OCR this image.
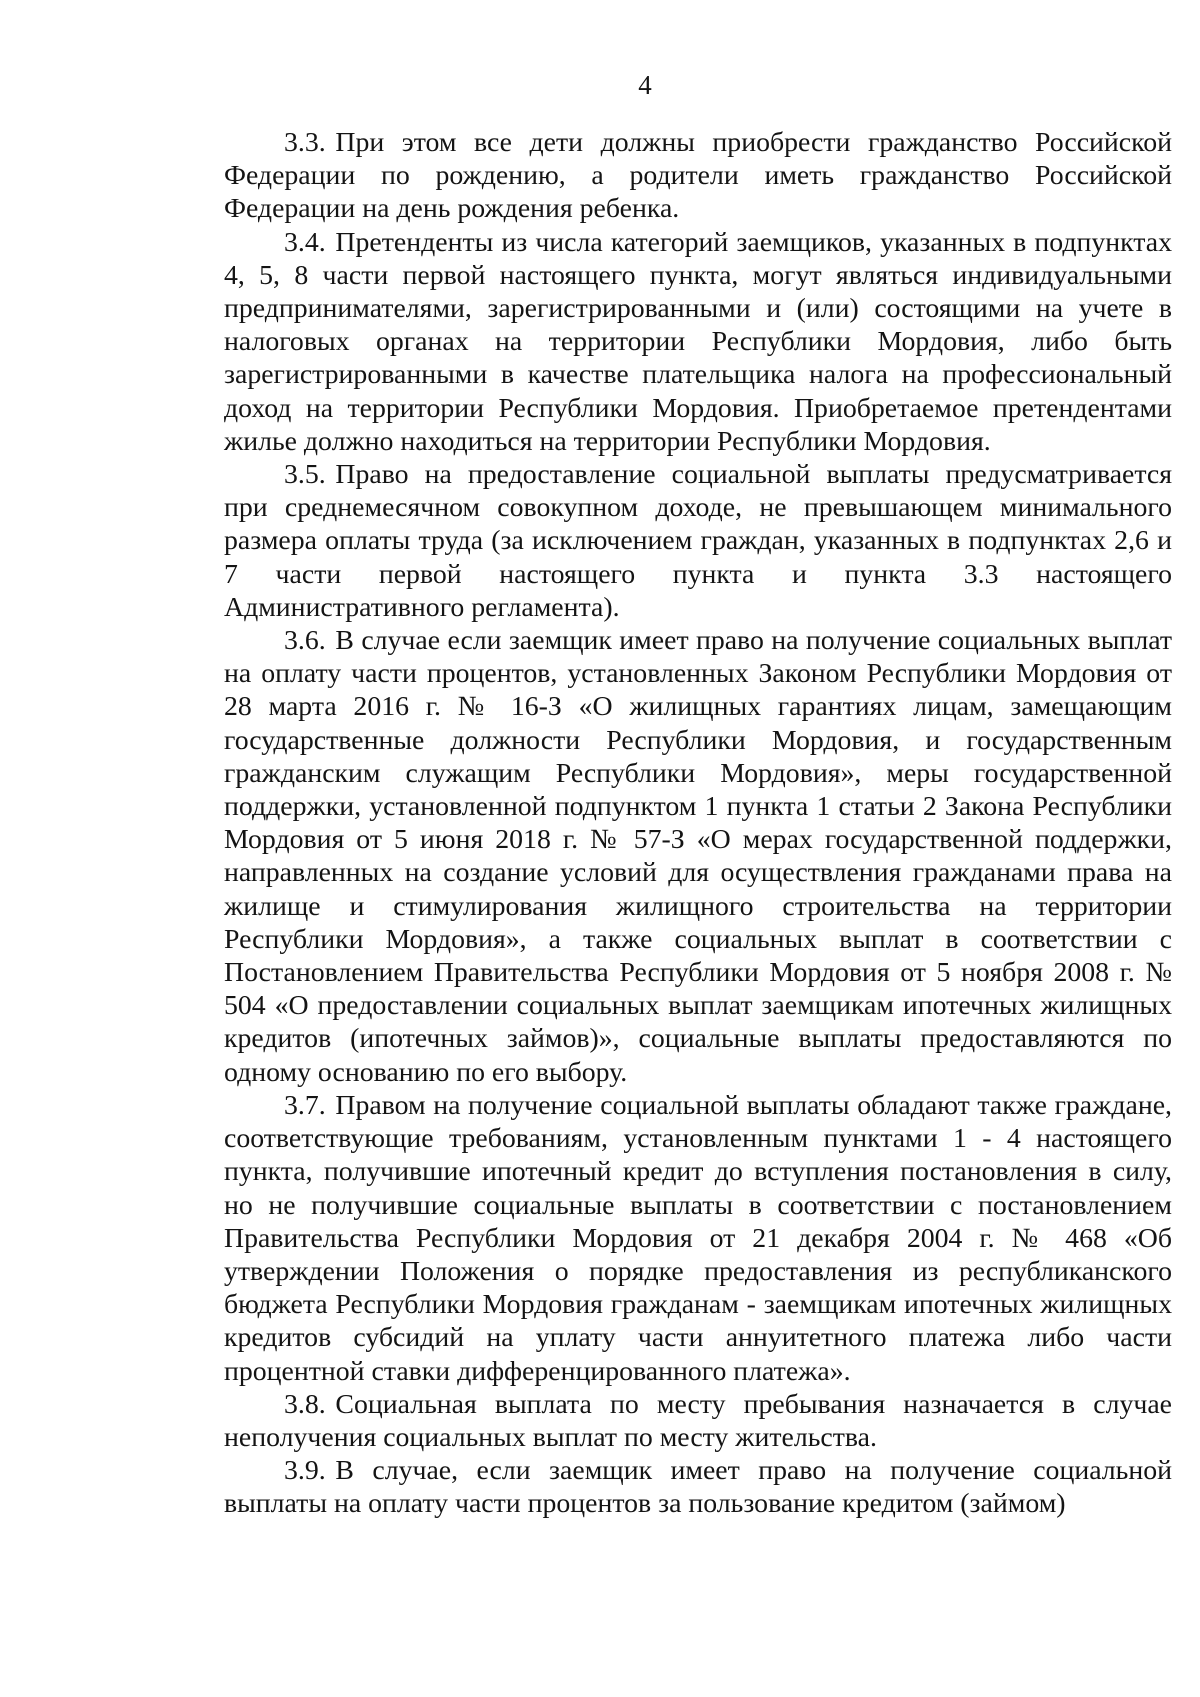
4

3.3. При этом все дети должны приобрести гражданство Российской Федерации по рождению, а родители иметь гражданство Российской Федерации на день рождения ребенка.

3.4. Претенденты из числа категорий заемщиков, указанных в подпунктах 4, 5, 8 части первой настоящего пункта, могут являться индивидуальными предпринимателями, зарегистрированными и (или) состоящими на учете в налоговых органах на территории Республики Мордовия, либо быть зарегистрированными в качестве плательщика налога на профессиональный доход на территории Республики Мордовия. Приобретаемое претендентами жилье должно находиться на территории Республики Мордовия.

3.5. Право на предоставление социальной выплаты предусматривается при среднемесячном совокупном доходе, не превышающем минимального размера оплаты труда (за исключением граждан, указанных в подпунктах 2,6 и 7 части первой настоящего пункта и пункта 3.3 настоящего Административного регламента).

3.6. В случае если заемщик имеет право на получение социальных выплат на оплату части процентов, установленных Законом Республики Мордовия от 28 марта 2016 г. № 16-З «О жилищных гарантиях лицам, замещающим государственные должности Республики Мордовия, и государственным гражданским служащим Республики Мордовия», меры государственной поддержки, установленной подпунктом 1 пункта 1 статьи 2 Закона Республики Мордовия от 5 июня 2018 г. № 57-З «О мерах государственной поддержки, направленных на создание условий для осуществления гражданами права на жилище и стимулирования жилищного строительства на территории Республики Мордовия», а также социальных выплат в соответствии с Постановлением Правительства Республики Мордовия от 5 ноября 2008 г. № 504 «О предоставлении социальных выплат заемщикам ипотечных жилищных кредитов (ипотечных займов)», социальные выплаты предоставляются по одному основанию по его выбору.

3.7. Правом на получение социальной выплаты обладают также граждане, соответствующие требованиям, установленным пунктами 1 - 4 настоящего пункта, получившие ипотечный кредит до вступления постановления в силу, но не получившие социальные выплаты в соответствии с постановлением Правительства Республики Мордовия от 21 декабря 2004 г. № 468 «Об утверждении Положения о порядке предоставления из республиканского бюджета Республики Мордовия гражданам - заемщикам ипотечных жилищных кредитов субсидий на уплату части аннуитетного платежа либо части процентной ставки дифференцированного платежа».

3.8. Социальная выплата по месту пребывания назначается в случае неполучения социальных выплат по месту жительства.

3.9. В случае, если заемщик имеет право на получение социальной выплаты на оплату части процентов за пользование кредитом (займом)
